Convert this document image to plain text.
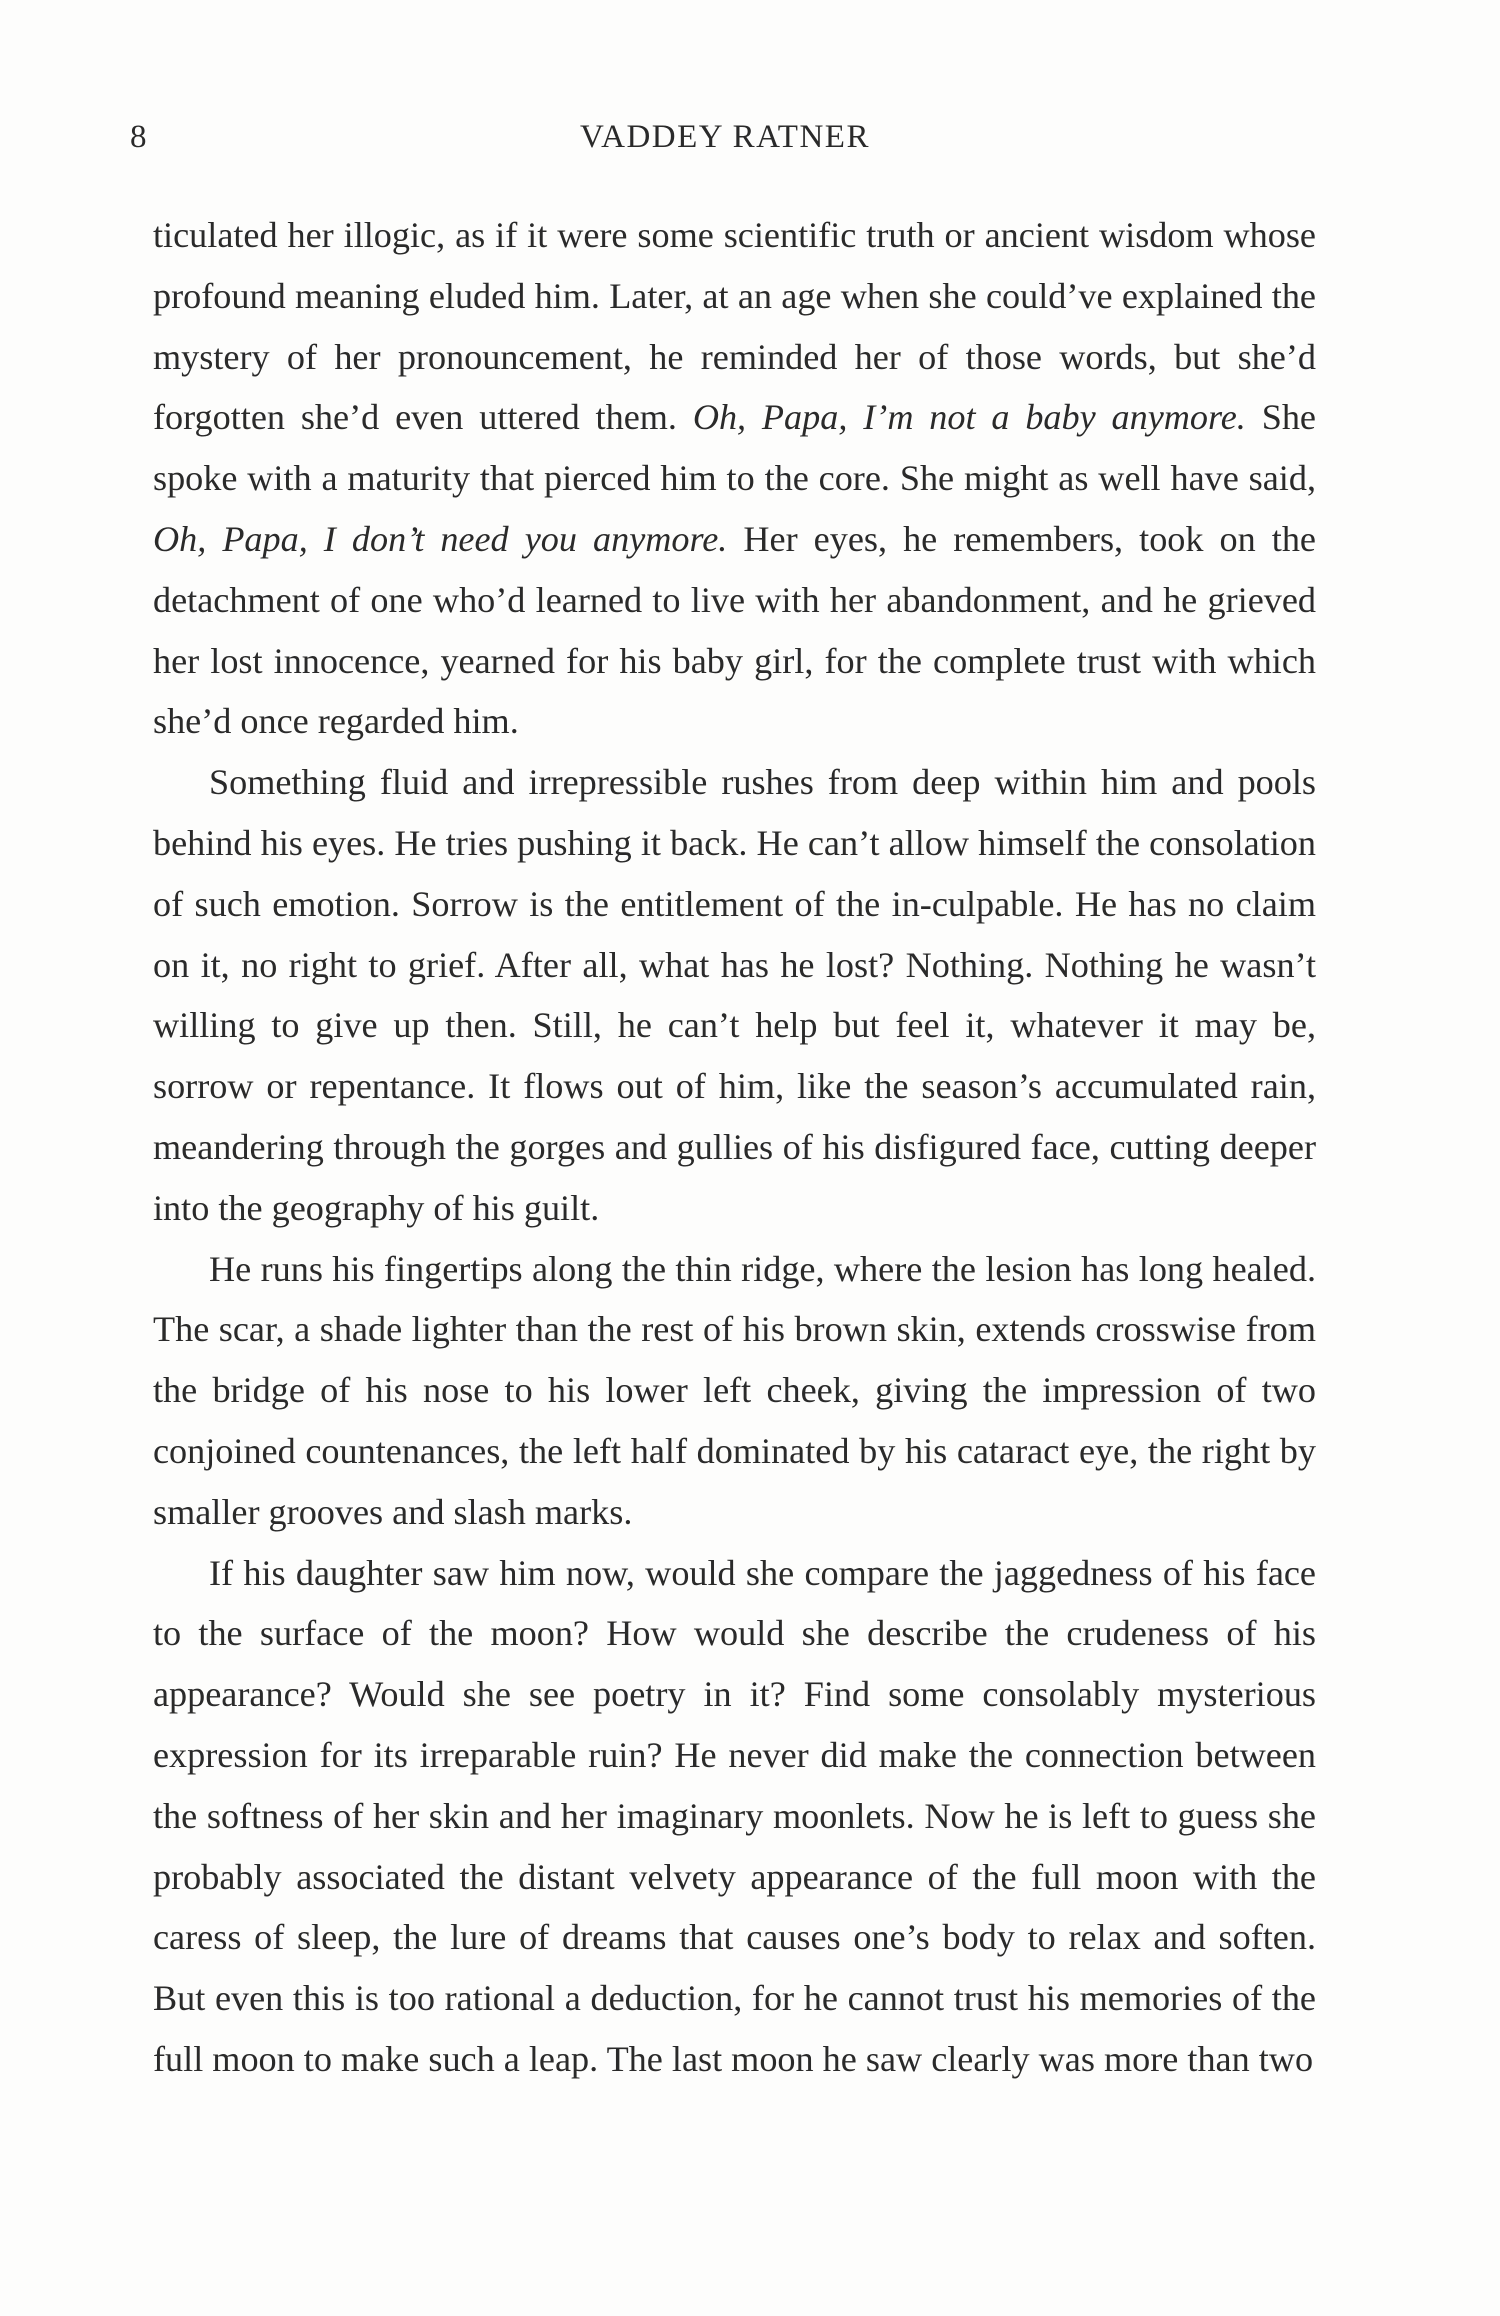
8	VADDEY RATNER

ticulated her illogic, as if it were some scientific truth or ancient wisdom whose profound meaning eluded him. Later, at an age when she could’ve explained the mystery of her pronouncement, he reminded her of those words, but she’d forgotten she’d even uttered them. Oh, Papa, I’m not a baby anymore. She spoke with a maturity that pierced him to the core. She might as well have said, Oh, Papa, I don’t need you anymore. Her eyes, he remembers, took on the detachment of one who’d learned to live with her abandonment, and he grieved her lost innocence, yearned for his baby girl, for the complete trust with which she’d once regarded him.

Something fluid and irrepressible rushes from deep within him and pools behind his eyes. He tries pushing it back. He can’t allow himself the consolation of such emotion. Sorrow is the entitlement of the in-culpable. He has no claim on it, no right to grief. After all, what has he lost? Nothing. Nothing he wasn’t willing to give up then. Still, he can’t help but feel it, whatever it may be, sorrow or repentance. It flows out of him, like the season’s accumulated rain, meandering through the gorges and gullies of his disfigured face, cutting deeper into the geography of his guilt.

He runs his fingertips along the thin ridge, where the lesion has long healed. The scar, a shade lighter than the rest of his brown skin, extends crosswise from the bridge of his nose to his lower left cheek, giving the impression of two conjoined countenances, the left half dominated by his cataract eye, the right by smaller grooves and slash marks.

If his daughter saw him now, would she compare the jaggedness of his face to the surface of the moon? How would she describe the crudeness of his appearance? Would she see poetry in it? Find some consolably mysterious expression for its irreparable ruin? He never did make the connection between the softness of her skin and her imaginary moonlets. Now he is left to guess she probably associated the distant velvety appearance of the full moon with the caress of sleep, the lure of dreams that causes one’s body to relax and soften. But even this is too rational a deduction, for he cannot trust his memories of the full moon to make such a leap. The last moon he saw clearly was more than two
